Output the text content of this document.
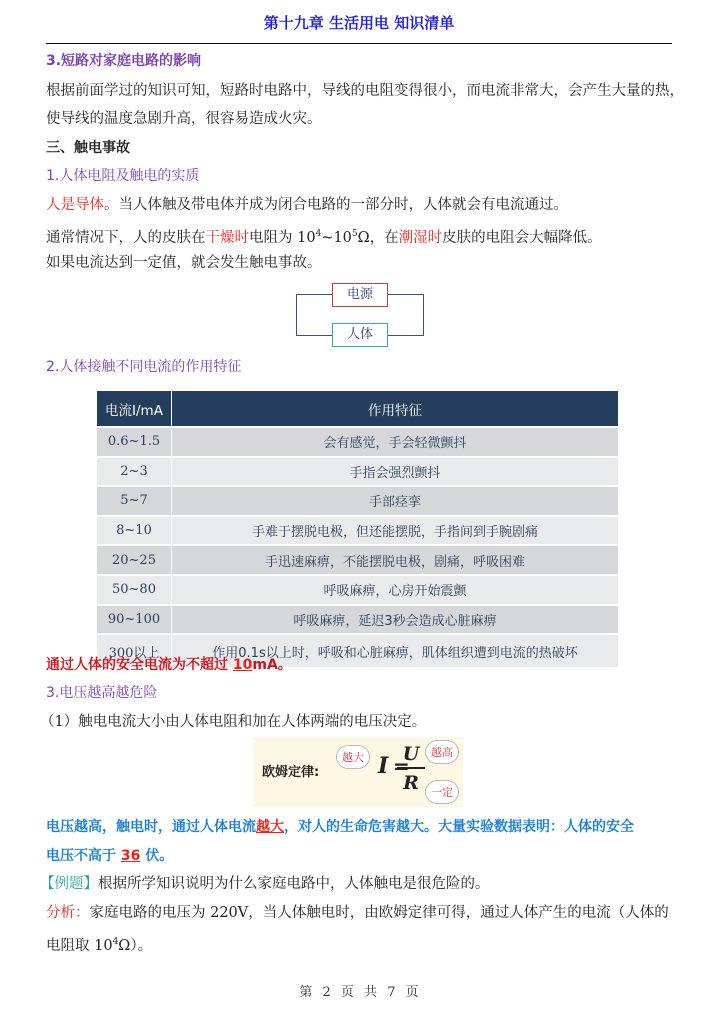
第十九章 生活用电 知识清单
3.短路对家庭电路的影响
根据前面学过的知识可知，短路时电路中，导线的电阻变得很小，而电流非常大，会产生大量的热，
使导线的温度急剧升高，很容易造成火灾。
三、触电事故
1.人体电阻及触电的实质
人是导体。当人体触及带电体并成为闭合电路的一部分时，人体就会有电流通过。
通常情况下，人的皮肤在干燥时电阻为 $10^4\sim 10^5\Omega$，在潮湿时皮肤的电阻会大幅降低。
如果电流达到一定值，就会发生触电事故。
电源
人体
2.人体接触不同电流的作用特征
电流I/mA	作用特征
0.6~1.5	会有感觉，手会轻微颤抖
2~3	手指会强烈颤抖
5~7	手部痉挛
8~10	手难于摆脱电极，但还能摆脱，手指间到手腕剧痛
20~25	手迅速麻痹，不能摆脱电极，剧痛，呼吸困难
50~80	呼吸麻痹，心房开始震颤
90~100	呼吸麻痹，延迟3秒会造成心脏麻痹
300以上	作用0.1s以上时，呼吸和心脏麻痹，肌体组织遭到电流的热破坏
通过人体的安全电流为不超过 10mA。
3.电压越高越危险
（1）触电电流大小由人体电阻和加在人体两端的电压决定。
欧姆定律:
越大 I =
$\frac{U}{R}$ 越高
一定
电压越高，触电时，通过人体电流越大，对人的生命危害越大。大量实验数据表明：人体的安全
电压不高于 36 伏。
【例题】根据所学知识说明为什么家庭电路中，人体触电是很危险的。
分析：家庭电路的电压为 220V，当人体触电时，由欧姆定律可得，通过人体产生的电流（人体的
电阻取 $10^4\Omega$）。
第 2 页 共 7 页
